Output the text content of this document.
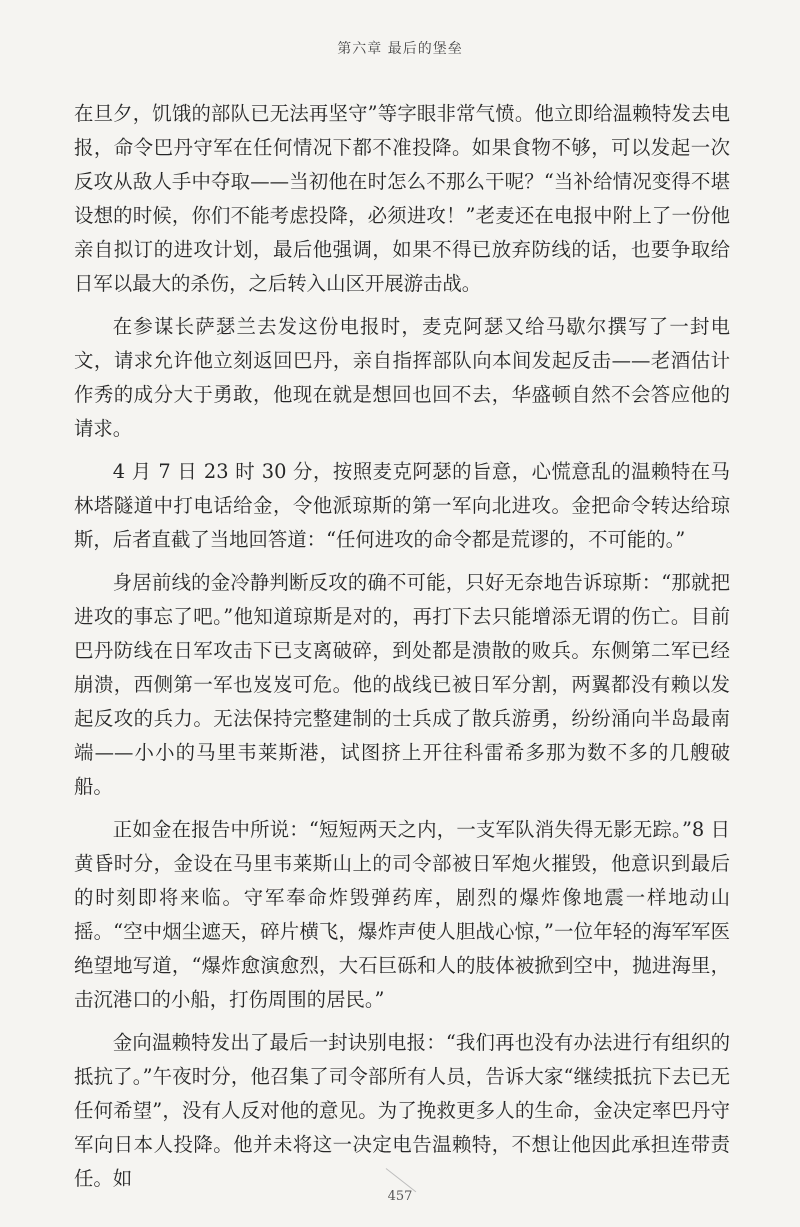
第六章 最后的堡垒

在旦夕，饥饿的部队已无法再坚守”等字眼非常气愤。他立即给温赖特发去电报，命令巴丹守军在任何情况下都不准投降。如果食物不够，可以发起一次反攻从敌人手中夺取——当初他在时怎么不那么干呢？“当补给情况变得不堪设想的时候，你们不能考虑投降，必须进攻！”老麦还在电报中附上了一份他亲自拟订的进攻计划，最后他强调，如果不得已放弃防线的话，也要争取给日军以最大的杀伤，之后转入山区开展游击战。

在参谋长萨瑟兰去发这份电报时，麦克阿瑟又给马歇尔撰写了一封电文，请求允许他立刻返回巴丹，亲自指挥部队向本间发起反击——老酒估计作秀的成分大于勇敢，他现在就是想回也回不去，华盛顿自然不会答应他的请求。

4 月 7 日 23 时 30 分，按照麦克阿瑟的旨意，心慌意乱的温赖特在马林塔隧道中打电话给金，令他派琼斯的第一军向北进攻。金把命令转达给琼斯，后者直截了当地回答道：“任何进攻的命令都是荒谬的，不可能的。”

身居前线的金冷静判断反攻的确不可能，只好无奈地告诉琼斯：“那就把进攻的事忘了吧。”他知道琼斯是对的，再打下去只能增添无谓的伤亡。目前巴丹防线在日军攻击下已支离破碎，到处都是溃散的败兵。东侧第二军已经崩溃，西侧第一军也岌岌可危。他的战线已被日军分割，两翼都没有赖以发起反攻的兵力。无法保持完整建制的士兵成了散兵游勇，纷纷涌向半岛最南端——小小的马里韦莱斯港，试图挤上开往科雷希多那为数不多的几艘破船。

正如金在报告中所说：“短短两天之内，一支军队消失得无影无踪。”8 日黄昏时分，金设在马里韦莱斯山上的司令部被日军炮火摧毁，他意识到最后的时刻即将来临。守军奉命炸毁弹药库，剧烈的爆炸像地震一样地动山摇。“空中烟尘遮天，碎片横飞，爆炸声使人胆战心惊，”一位年轻的海军军医绝望地写道，“爆炸愈演愈烈，大石巨砾和人的肢体被掀到空中，抛进海里，击沉港口的小船，打伤周围的居民。”

金向温赖特发出了最后一封诀别电报：“我们再也没有办法进行有组织的抵抗了。”午夜时分，他召集了司令部所有人员，告诉大家“继续抵抗下去已无任何希望”，没有人反对他的意见。为了挽救更多人的生命，金决定率巴丹守军向日本人投降。他并未将这一决定电告温赖特，不想让他因此承担连带责任。如

457
